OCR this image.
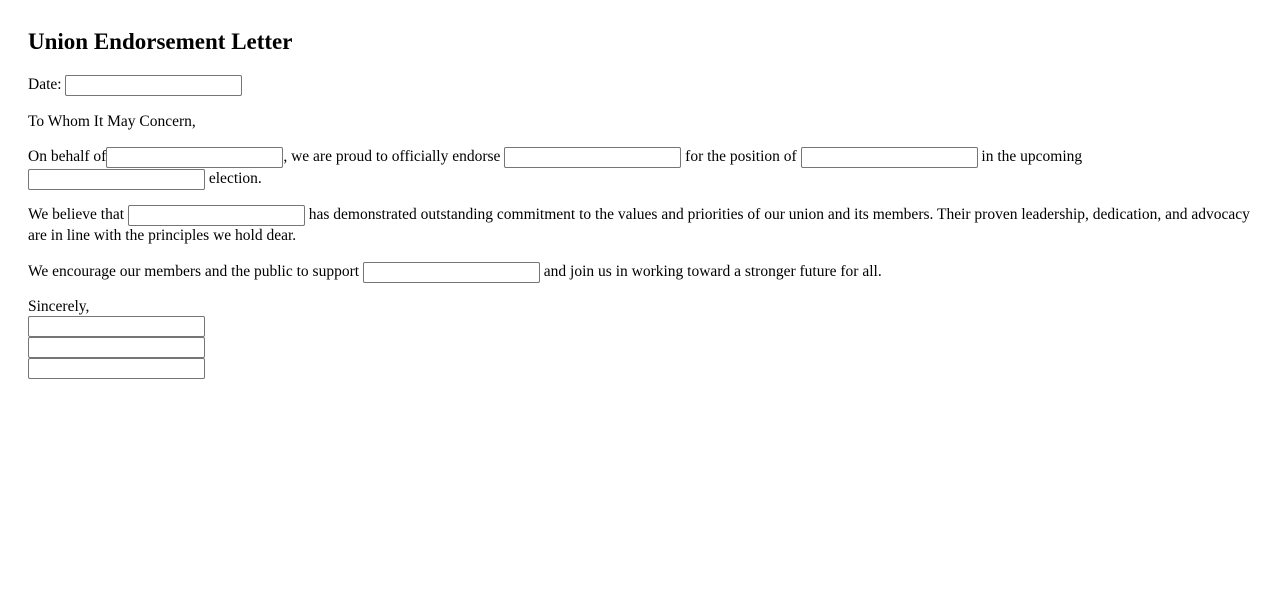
Union Endorsement Letter

Date:

To Whom It May Concern,

On behalf of	, we are proud to officially endorse	for the position of	in the upcoming
election.

We believe that	has demonstrated outstanding commitment to the values and priorities of our union and its members. Their proven leadership, dedication, and advocacy are in line with the principles we hold dear.

We encourage our members and the public to support	and join us in working toward a stronger future for all.

Sincerely,
